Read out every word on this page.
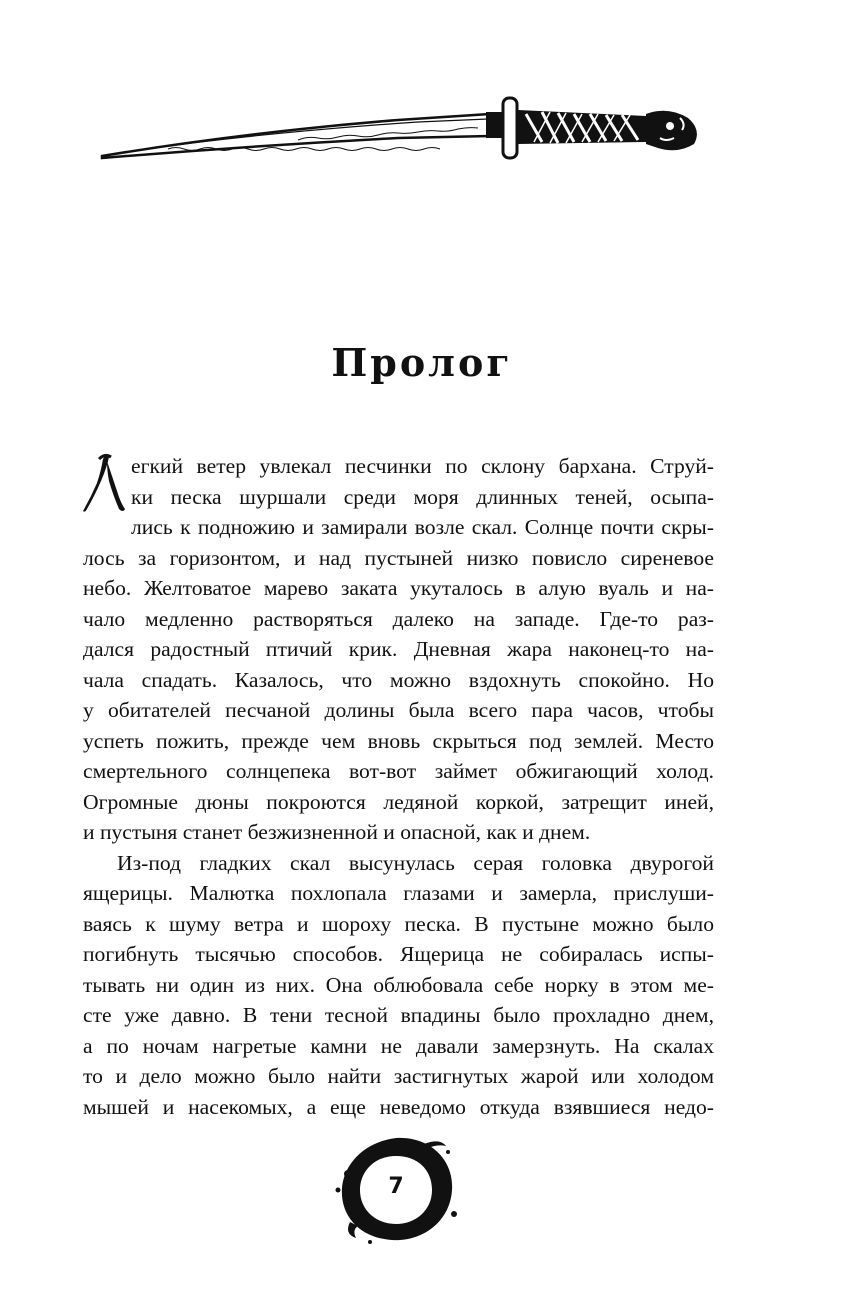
Пролог
егкий ветер увлекал песчинки по склону бархана. Струй-
ки песка шуршали среди моря длинных теней, осыпа-
лись к подножию и замирали возле скал. Солнце почти скры-
лось за горизонтом, и над пустыней низко повисло сиреневое
небо. Желтоватое марево заката укуталось в алую вуаль и на-
чало медленно растворяться далеко на западе. Где-то раз-
дался радостный птичий крик. Дневная жара наконец-то на-
чала спадать. Казалось, что можно вздохнуть спокойно. Но
у обитателей песчаной долины была всего пара часов, чтобы
успеть пожить, прежде чем вновь скрыться под землей. Место
смертельного солнцепека вот-вот займет обжигающий холод.
Огромные дюны покроются ледяной коркой, затрещит иней,
и пустыня станет безжизненной и опасной, как и днем.
Из-под гладких скал высунулась серая головка двурогой
ящерицы. Малютка похлопала глазами и замерла, прислуши-
ваясь к шуму ветра и шороху песка. В пустыне можно было
погибнуть тысячью способов. Ящерица не собиралась испы-
тывать ни один из них. Она облюбовала себе норку в этом ме-
сте уже давно. В тени тесной впадины было прохладно днем,
а по ночам нагретые камни не давали замерзнуть. На скалах
то и дело можно было найти застигнутых жарой или холодом
мышей и насекомых, а еще неведомо откуда взявшиеся недо-
7
